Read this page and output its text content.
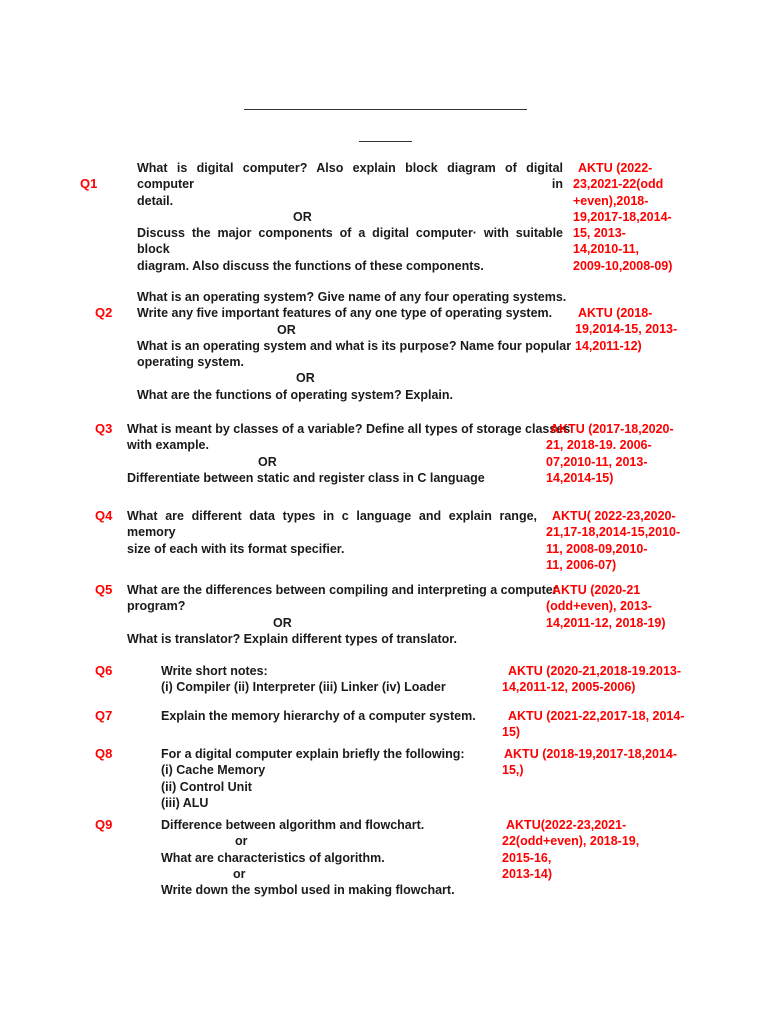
Q1
What is digital computer? Also explain block diagram of digital computer in
detail.
OR
Discuss the major components of a digital computer· with suitable block
diagram. Also discuss the functions of these components.
AKTU (2022-
23,2021-22(odd
+even),2018-
19,2017-18,2014-
15, 2013-
14,2010-11,
2009-10,2008-09)
Q2
What is an operating system? Give name of any four operating systems.
Write any five important features of any one type of operating system.
OR
What is an operating system and what is its purpose? Name four popular
operating system.
OR
What are the functions of operating system? Explain.
AKTU (2018-
19,2014-15, 2013-
14,2011-12)
Q3 What is meant by classes of a variable? Define all types of storage classes
with example.
OR
Differentiate between static and register class in C language
AKTU (2017-18,2020-
21, 2018-19. 2006-
07,2010-11, 2013-
14,2014-15)
Q4 What are different data types in c language and explain range, memory
size of each with its format specifier.
AKTU( 2022-23,2020-
21,17-18,2014-15,2010-
11, 2008-09,2010-
11, 2006-07)
Q5 What are the differences between compiling and interpreting a computer
program?
OR
What is translator? Explain different types of translator.
AKTU (2020-21
(odd+even), 2013-
14,2011-12, 2018-19)
Q6	Write short notes:
(i) Compiler (ii) Interpreter (iii) Linker (iv) Loader
AKTU (2020-21,2018-19.2013-
14,2011-12, 2005-2006)
Q7	Explain the memory hierarchy of a computer system.	AKTU (2021-22,2017-18, 2014-
15)
Q8	For a digital computer explain briefly the following:
(i) Cache Memory
(ii) Control Unit
(iii) ALU
AKTU (2018-19,2017-18,2014-
15,)
Q9	Difference between algorithm and flowchart.
or
What are characteristics of algorithm.
or
Write down the symbol used in making flowchart.
AKTU(2022-23,2021-
22(odd+even), 2018-19,
2015-16,
2013-14)
